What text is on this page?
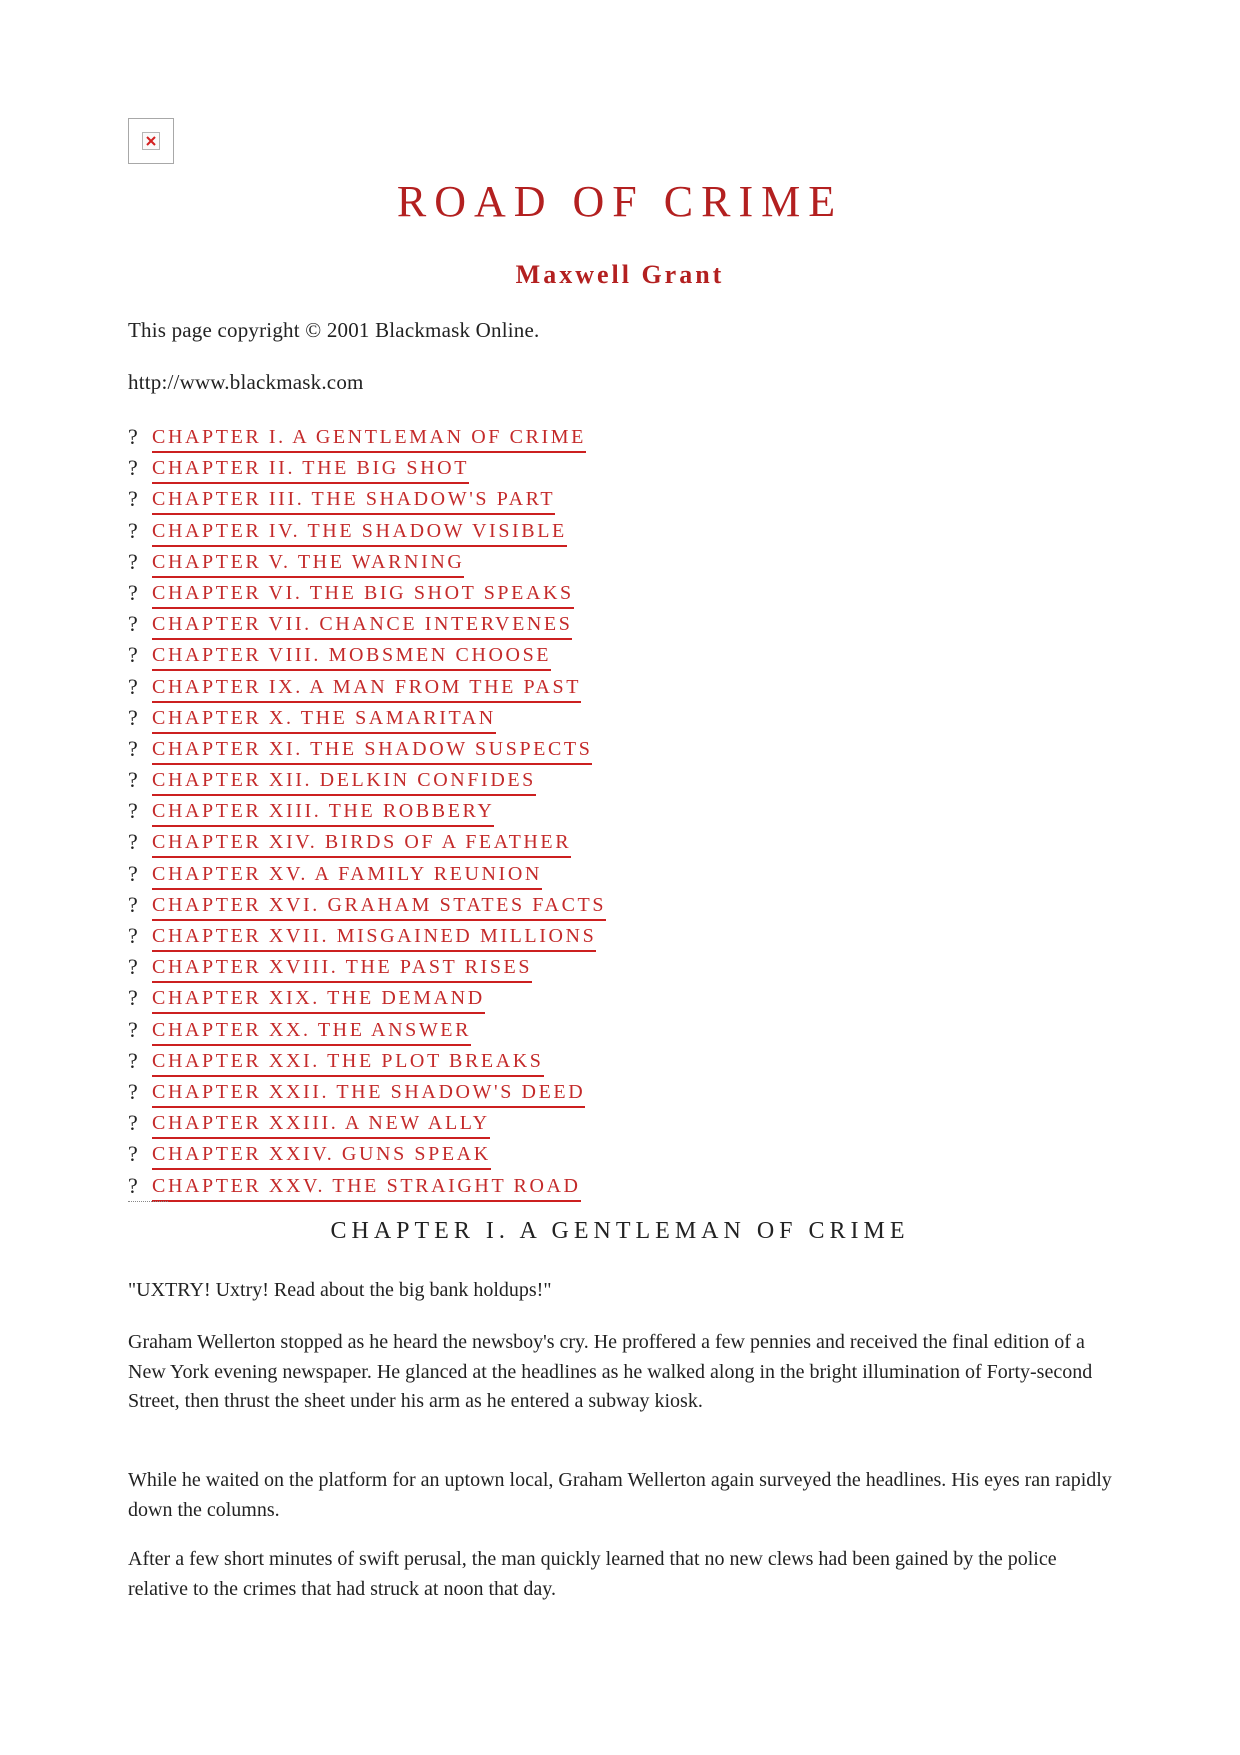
ROAD OF CRIME
Maxwell Grant
This page copyright © 2001 Blackmask Online.
http://www.blackmask.com
? CHAPTER I. A GENTLEMAN OF CRIME
? CHAPTER II. THE BIG SHOT
? CHAPTER III. THE SHADOW'S PART
? CHAPTER IV. THE SHADOW VISIBLE
? CHAPTER V. THE WARNING
? CHAPTER VI. THE BIG SHOT SPEAKS
? CHAPTER VII. CHANCE INTERVENES
? CHAPTER VIII. MOBSMEN CHOOSE
? CHAPTER IX. A MAN FROM THE PAST
? CHAPTER X. THE SAMARITAN
? CHAPTER XI. THE SHADOW SUSPECTS
? CHAPTER XII. DELKIN CONFIDES
? CHAPTER XIII. THE ROBBERY
? CHAPTER XIV. BIRDS OF A FEATHER
? CHAPTER XV. A FAMILY REUNION
? CHAPTER XVI. GRAHAM STATES FACTS
? CHAPTER XVII. MISGAINED MILLIONS
? CHAPTER XVIII. THE PAST RISES
? CHAPTER XIX. THE DEMAND
? CHAPTER XX. THE ANSWER
? CHAPTER XXI. THE PLOT BREAKS
? CHAPTER XXII. THE SHADOW'S DEED
? CHAPTER XXIII. A NEW ALLY
? CHAPTER XXIV. GUNS SPEAK
? CHAPTER XXV. THE STRAIGHT ROAD
CHAPTER I. A GENTLEMAN OF CRIME

"UXTRY! Uxtry! Read about the big bank holdups!"

Graham Wellerton stopped as he heard the newsboy's cry. He proffered a few pennies and received the final edition of a New York evening newspaper. He glanced at the headlines as he walked along in the bright illumination of Forty-second Street, then thrust the sheet under his arm as he entered a subway kiosk.

While he waited on the platform for an uptown local, Graham Wellerton again surveyed the headlines. His eyes ran rapidly down the columns.

After a few short minutes of swift perusal, the man quickly learned that no new clews had been gained by the police relative to the crimes that had struck at noon that day.
